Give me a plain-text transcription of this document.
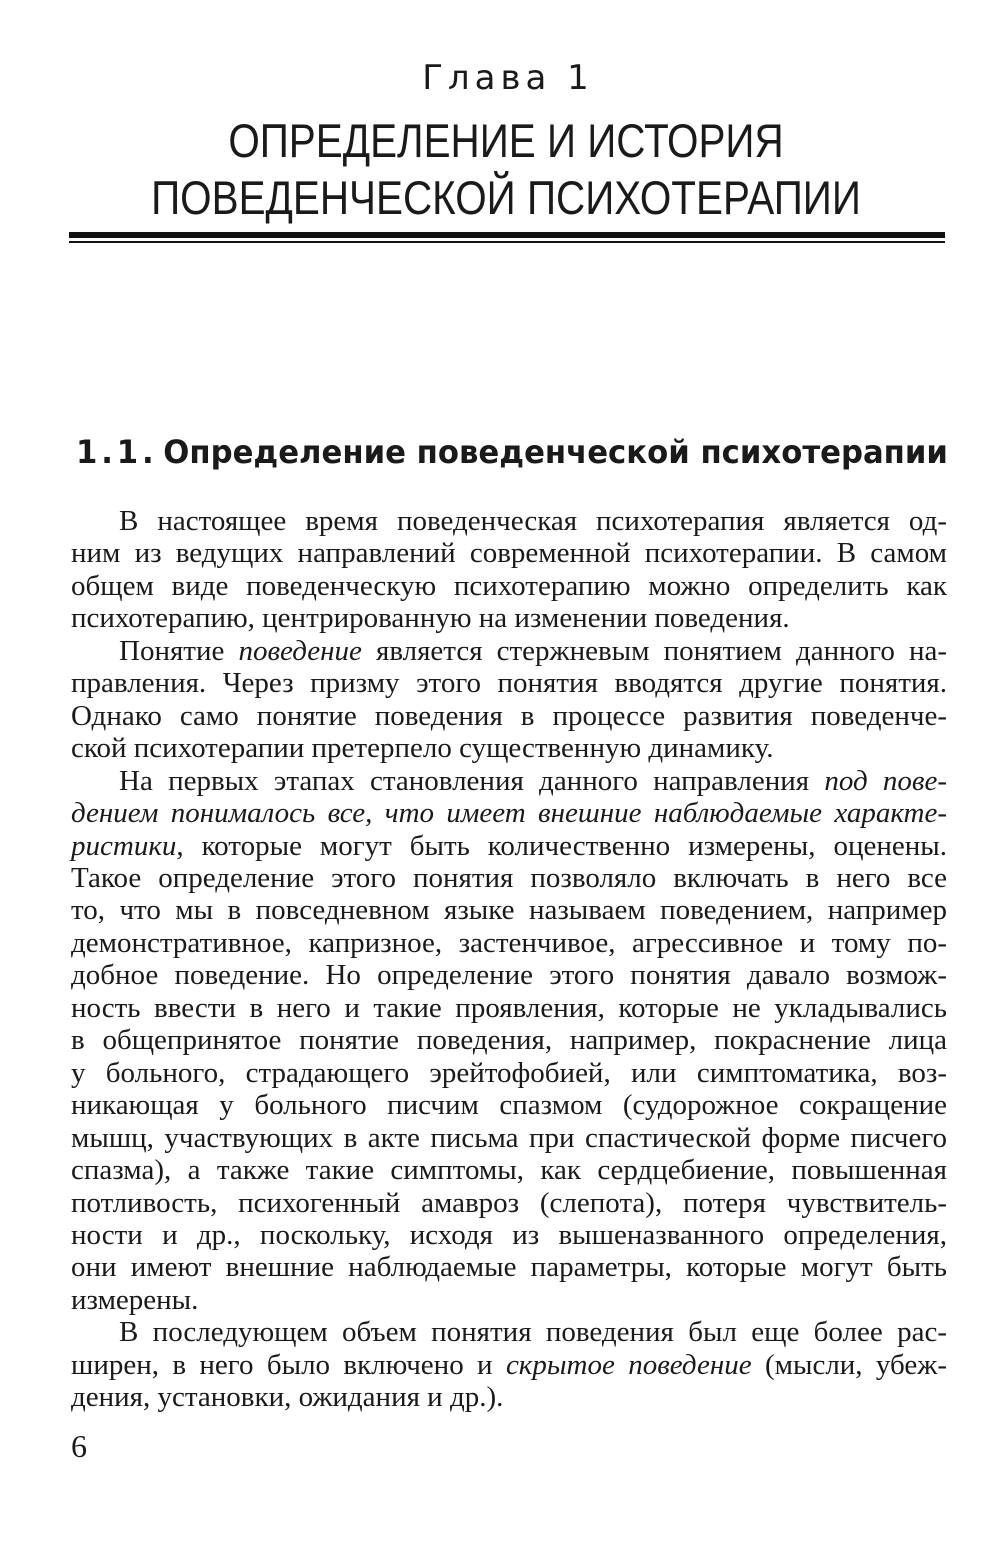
Глава 1
ОПРЕДЕЛЕНИЕ И ИСТОРИЯ
ПОВЕДЕНЧЕСКОЙ ПСИХОТЕРАПИИ
1.1. Определение поведенческой психотерапии
В настоящее время поведенческая психотерапия является од-
ним из ведущих направлений современной психотерапии. В самом
общем виде поведенческую психотерапию можно определить как
психотерапию, центрированную на изменении поведения.
Понятие поведение является стержневым понятием данного на-
правления. Через призму этого понятия вводятся другие понятия.
Однако само понятие поведения в процессе развития поведенче-
ской психотерапии претерпело существенную динамику.
На первых этапах становления данного направления под пове-
дением понималось все, что имеет внешние наблюдаемые характе-
ристики, которые могут быть количественно измерены, оценены.
Такое определение этого понятия позволяло включать в него все
то, что мы в повседневном языке называем поведением, например
демонстративное, капризное, застенчивое, агрессивное и тому по-
добное поведение. Но определение этого понятия давало возмож-
ность ввести в него и такие проявления, которые не укладывались
в общепринятое понятие поведения, например, покраснение лица
у больного, страдающего эрейтофобией, или симптоматика, воз-
никающая у больного писчим спазмом (судорожное сокращение
мышц, участвующих в акте письма при спастической форме писчего
спазма), а также такие симптомы, как сердцебиение, повышенная
потливость, психогенный амавроз (слепота), потеря чувствитель-
ности и др., поскольку, исходя из вышеназванного определения,
они имеют внешние наблюдаемые параметры, которые могут быть
измерены.
В последующем объем понятия поведения был еще более рас-
ширен, в него было включено и скрытое поведение (мысли, убеж-
дения, установки, ожидания и др.).
6
